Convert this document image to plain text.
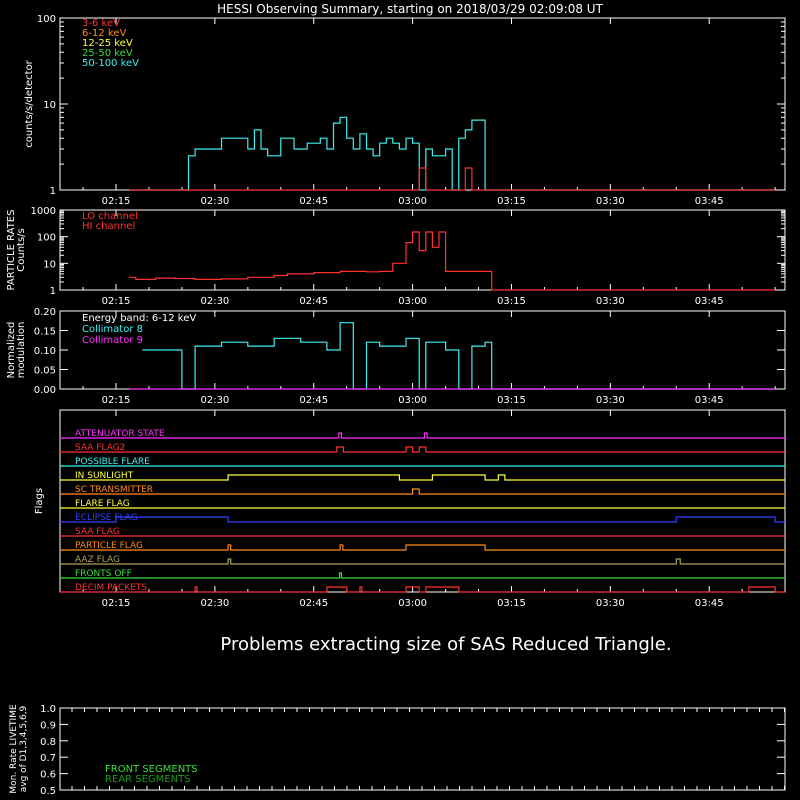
HESSI Observing Summary, starting on 2018/03/29 02:09:08 UT
02:15	02:30	02:45	03:00	03:15	03:30	03:45
1
10
100	3-6 keV
6-12 keV
12-25 keV
25-50 keV
50-100 keV
counts/s/detector
02:15	02:30	02:45	03:00	03:15	03:30	03:45
1
10
100
1000	LO channel
HI channel
PARTICLE RATES Counts/s
02:15	02:30	02:45	03:00	03:15	03:30	03:45
0.00
0.05
0.10
0.15
0.20
Energy band: 6-12 keV
Collimator 8
Collimator 9
Normalized modulation
02:15	02:30	02:45	03:00	03:15	03:30	03:45
Flags
ATTENUATOR STATE
SAA FLAG2
POSSIBLE FLARE
IN SUNLIGHT
SC TRANSMITTER
FLARE FLAG
ECLIPSE FLAG
SAA FLAG
PARTICLE FLAG
AAZ FLAG
FRONTS OFF
DECIM PACKETS
Problems extracting size of SAS Reduced Triangle.
0.5
0.6
0.7
0.8
0.9
1.0
FRONT SEGMENTS
REAR SEGMENTS
Mon. Rate LIVETIME avg of D1,3,4,5,6,9
